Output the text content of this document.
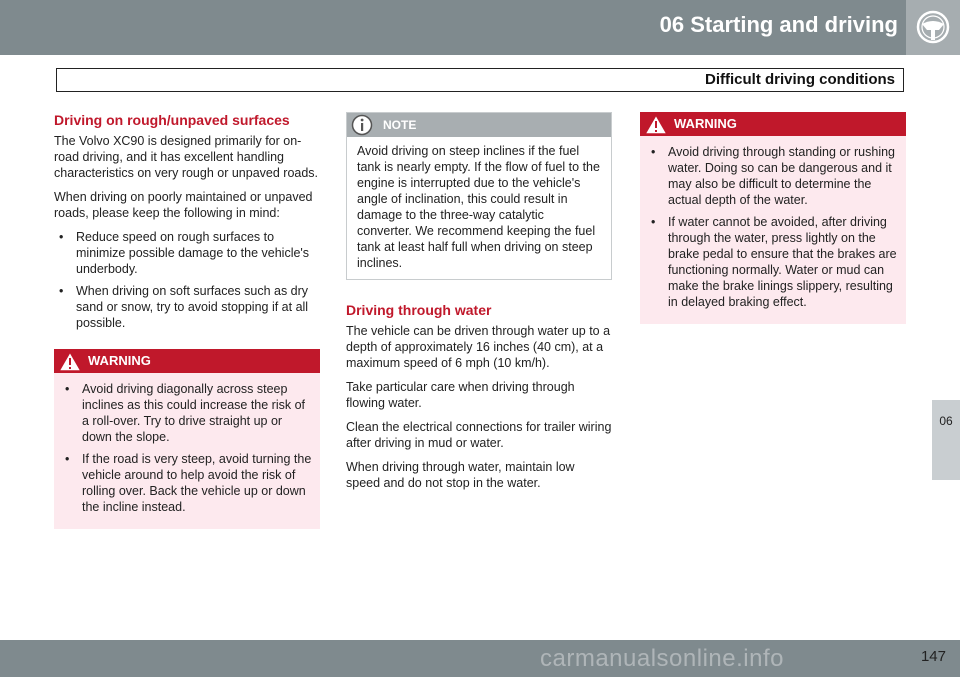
06 Starting and driving
Difficult driving conditions
Driving on rough/unpaved surfaces

The Volvo XC90 is designed primarily for on-road driving, and it has excellent handling characteristics on very rough or unpaved roads.

When driving on poorly maintained or unpaved roads, please keep the following in mind:

• Reduce speed on rough surfaces to minimize possible damage to the vehicle's underbody.
• When driving on soft surfaces such as dry sand or snow, try to avoid stopping if at all possible.
WARNING
• Avoid driving diagonally across steep inclines as this could increase the risk of a roll-over. Try to drive straight up or down the slope.
• If the road is very steep, avoid turning the vehicle around to help avoid the risk of rolling over. Back the vehicle up or down the incline instead.
NOTE

Avoid driving on steep inclines if the fuel tank is nearly empty. If the flow of fuel to the engine is interrupted due to the vehicle's angle of inclination, this could result in damage to the three-way catalytic converter. We recommend keeping the fuel tank at least half full when driving on steep inclines.

Driving through water

The vehicle can be driven through water up to a depth of approximately 16 inches (40 cm), at a maximum speed of 6 mph (10 km/h).

Take particular care when driving through flowing water.

Clean the electrical connections for trailer wiring after driving in mud or water.

When driving through water, maintain low speed and do not stop in the water.

WARNING
• Avoid driving through standing or rushing water. Doing so can be dangerous and it may also be difficult to determine the actual depth of the water.
• If water cannot be avoided, after driving through the water, press lightly on the brake pedal to ensure that the brakes are functioning normally. Water or mud can make the brake linings slippery, resulting in delayed braking effect.
06
147
carmanualsonline.info
